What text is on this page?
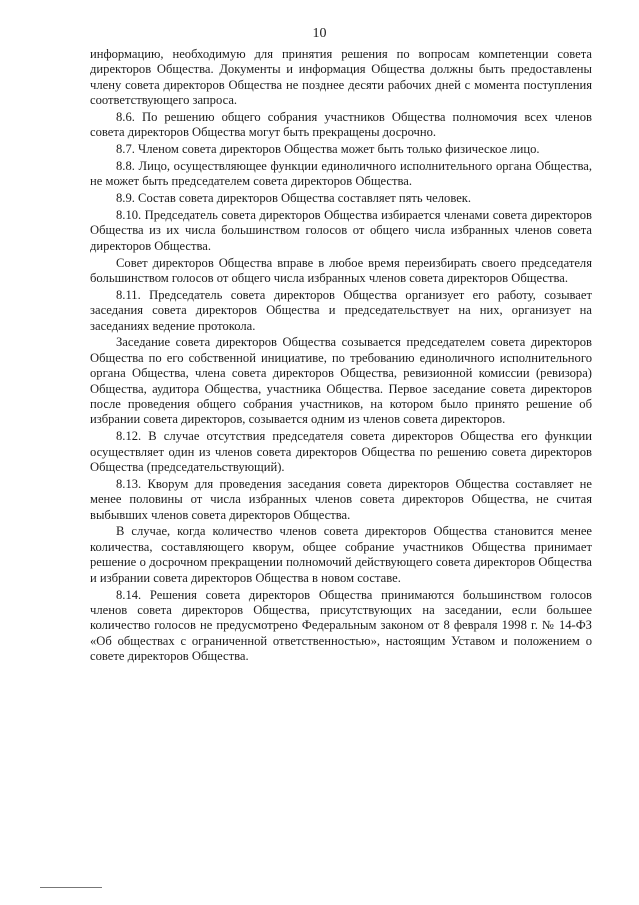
10

информацию, необходимую для принятия решения по вопросам компетенции совета директоров Общества. Документы и информация Общества должны быть предоставлены члену совета директоров Общества не позднее десяти рабочих дней с момента поступления соответствующего запроса.

8.6. По решению общего собрания участников Общества полномочия всех членов совета директоров Общества могут быть прекращены досрочно.

8.7. Членом совета директоров Общества может быть только физическое лицо.

8.8. Лицо, осуществляющее функции единоличного исполнительного органа Общества, не может быть председателем совета директоров Общества.

8.9. Состав совета директоров Общества составляет пять человек.

8.10. Председатель совета директоров Общества избирается членами совета директоров Общества из их числа большинством голосов от общего числа избранных членов совета директоров Общества.

Совет директоров Общества вправе в любое время переизбирать своего председателя большинством голосов от общего числа избранных членов совета директоров Общества.

8.11. Председатель совета директоров Общества организует его работу, созывает заседания совета директоров Общества и председательствует на них, организует на заседаниях ведение протокола.

Заседание совета директоров Общества созывается председателем совета директоров Общества по его собственной инициативе, по требованию единоличного исполнительного органа Общества, члена совета директоров Общества, ревизионной комиссии (ревизора) Общества, аудитора Общества, участника Общества. Первое заседание совета директоров после проведения общего собрания участников, на котором было принято решение об избрании совета директоров, созывается одним из членов совета директоров.

8.12. В случае отсутствия председателя совета директоров Общества его функции осуществляет один из членов совета директоров Общества по решению совета директоров Общества (председательствующий).

8.13. Кворум для проведения заседания совета директоров Общества составляет не менее половины от числа избранных членов совета директоров Общества, не считая выбывших членов совета директоров Общества.

В случае, когда количество членов совета директоров Общества становится менее количества, составляющего кворум, общее собрание участников Общества принимает решение о досрочном прекращении полномочий действующего совета директоров Общества и избрании совета директоров Общества в новом составе.

8.14. Решения совета директоров Общества принимаются большинством голосов членов совета директоров Общества, присутствующих на заседании, если большее количество голосов не предусмотрено Федеральным законом от 8 февраля 1998 г. № 14-ФЗ «Об обществах с ограниченной ответственностью», настоящим Уставом и положением о совете директоров Общества.
